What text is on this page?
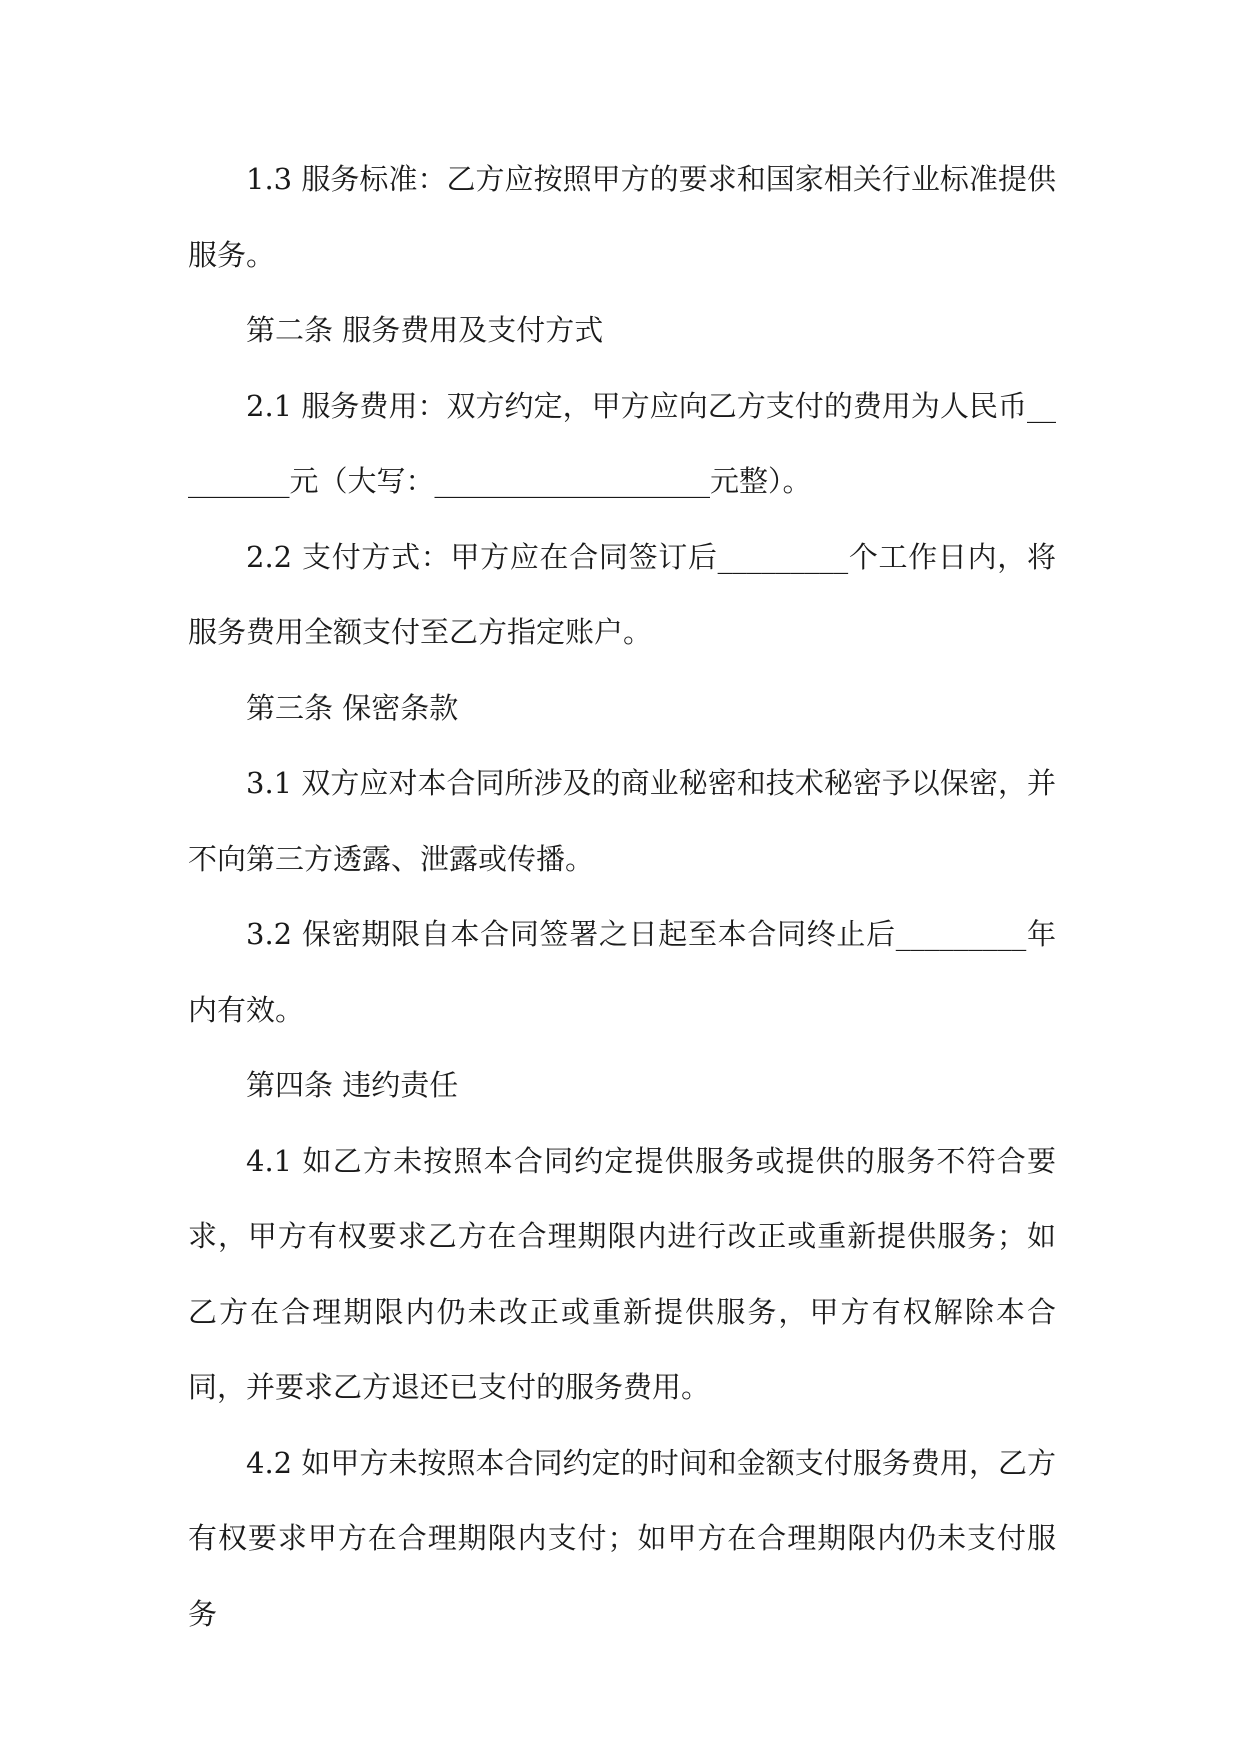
1.3 服务标准：乙方应按照甲方的要求和国家相关行业标准提供服务。

第二条 服务费用及支付方式

2.1 服务费用：双方约定，甲方应向乙方支付的费用为人民币_________元（大写：___________________元整）。

2.2 支付方式：甲方应在合同签订后_________个工作日内，将服务费用全额支付至乙方指定账户。

第三条 保密条款

3.1 双方应对本合同所涉及的商业秘密和技术秘密予以保密，并不向第三方透露、泄露或传播。

3.2 保密期限自本合同签署之日起至本合同终止后_________年内有效。

第四条 违约责任

4.1 如乙方未按照本合同约定提供服务或提供的服务不符合要求，甲方有权要求乙方在合理期限内进行改正或重新提供服务；如乙方在合理期限内仍未改正或重新提供服务，甲方有权解除本合同，并要求乙方退还已支付的服务费用。

4.2 如甲方未按照本合同约定的时间和金额支付服务费用，乙方有权要求甲方在合理期限内支付；如甲方在合理期限内仍未支付服务
